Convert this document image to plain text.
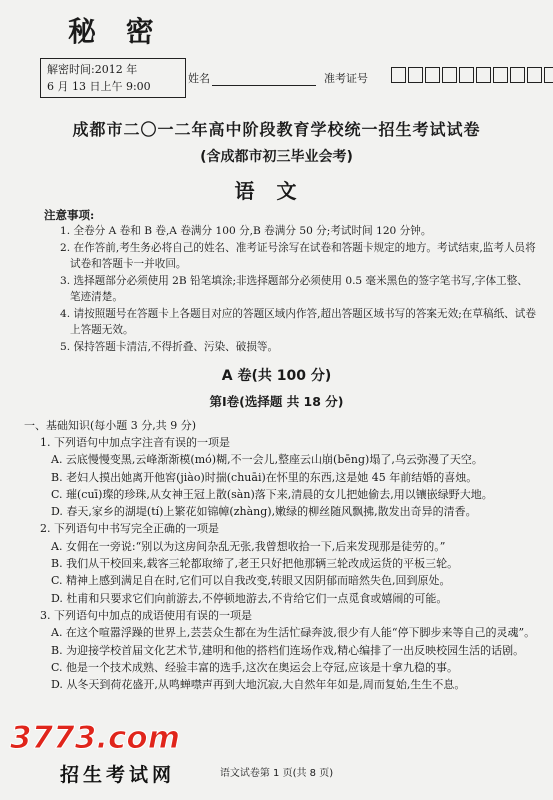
秘 密
解密时间:2012 年
6 月 13 日上午 9:00
姓名	准考证号
成都市二〇一二年高中阶段教育学校统一招生考试试卷
(含成都市初三毕业会考)
语文
注意事项:

1. 全卷分 A 卷和 B 卷,A 卷满分 100 分,B 卷满分 50 分;考试时间 120 分钟。

2. 在作答前,考生务必将自己的姓名、准考证号涂写在试卷和答题卡规定的地方。考试结束,监考人员将试卷和答题卡一并收回。

3. 选择题部分必须使用 2B 铅笔填涂;非选择题部分必须使用 0.5 毫米黑色的签字笔书写,字体工整、笔迹清楚。

4. 请按照题号在答题卡上各题目对应的答题区域内作答,超出答题区域书写的答案无效;在草稿纸、试卷上答题无效。

5. 保持答题卡清洁,不得折叠、污染、破损等。

A 卷(共 100 分)
第Ⅰ卷(选择题 共 18 分)
一、基础知识(每小题 3 分,共 9 分)

1. 下列语句中加点字注音有误的一项是

A. 云底慢慢变黑,云峰渐渐模(mó)糊,不一会儿,整座云山崩(bēng)塌了,乌云弥漫了天空。

B. 老妇人摸出她离开他窖(jiào)时揣(chuāi)在怀里的东西,这是她 45 年前结婚的喜烛。

C. 璀(cuī)璨的珍珠,从女神王冠上散(sàn)落下来,清晨的女儿把她偷去,用以镶嵌绿野大地。

D. 春天,家乡的湖堤(tí)上繁花如锦幛(zhàng),嫩绿的柳丝随风飘拂,散发出奇异的清香。

2. 下列语句中书写完全正确的一项是

A. 女佣在一旁说:“别以为这房间杂乱无张,我曾想收拾一下,后来发现那是徒劳的。”

B. 我们从干校回来,载客三轮都取缔了,老王只好把他那辆三轮改成运货的平板三轮。

C. 精神上感到满足自在时,它们可以自我改变,转眼又因阴郁而暗然失色,回到原处。

D. 杜甫和只要求它们向前游去,不停顿地游去,不肯给它们一点觅食或嬉闹的可能。

3. 下列语句中加点的成语使用有误的一项是

A. 在这个喧嚣浮躁的世界上,芸芸众生都在为生活忙碌奔波,很少有人能“停下脚步来等自己的灵魂”。

B. 为迎接学校首届文化艺术节,建明和他的搭档们连场作戏,精心编排了一出反映校园生活的话剧。

C. 他是一个技术成熟、经验丰富的选手,这次在奥运会上夺冠,应该是十拿九稳的事。

D. 从冬天到荷花盛开,从鸣蝉噤声再到大地沉寂,大自然年年如是,周而复始,生生不息。

语文试卷第 1 页(共 8 页)
3773.com
招生考试网
